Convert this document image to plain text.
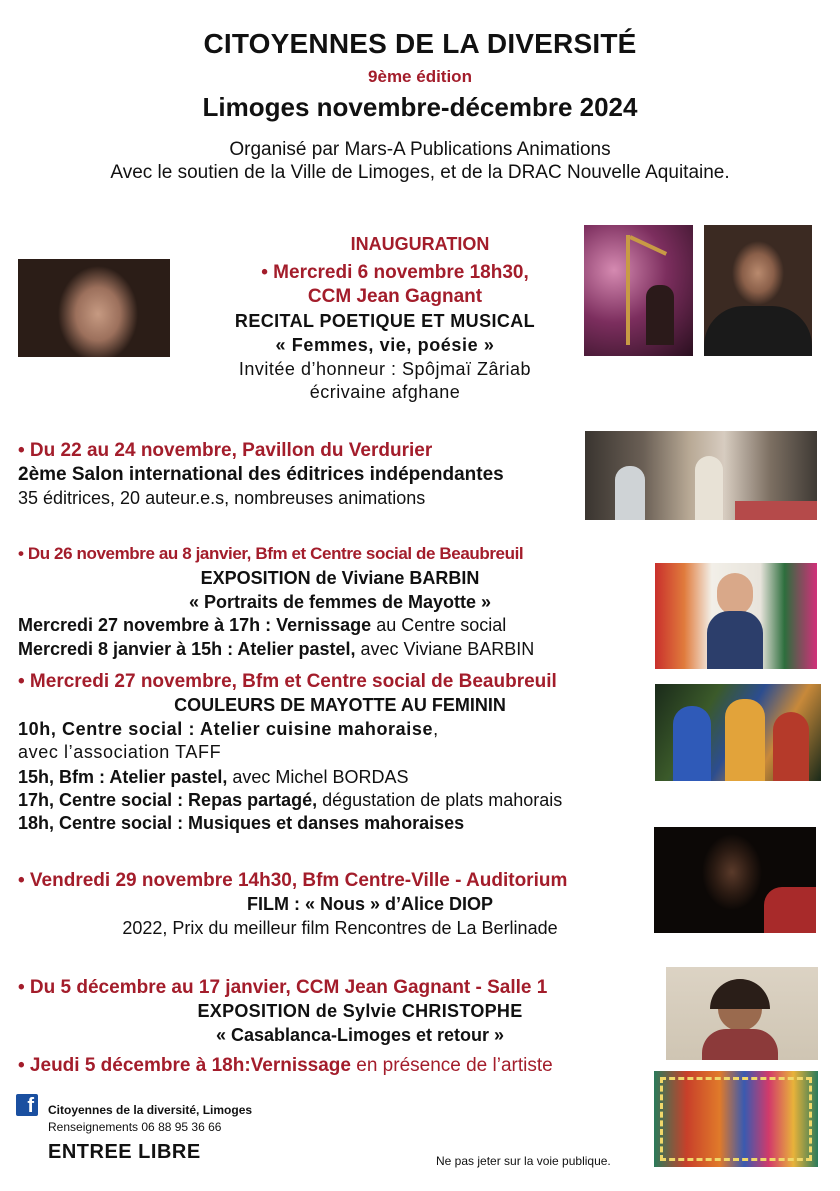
CITOYENNES DE LA DIVERSITÉ
9ème édition
Limoges novembre-décembre 2024
Organisé par Mars-A Publications Animations
Avec le soutien de la Ville de Limoges, et de la DRAC Nouvelle Aquitaine.
INAUGURATION
• Mercredi 6 novembre 18h30,
CCM Jean Gagnant
RECITAL POETIQUE ET MUSICAL
« Femmes, vie, poésie »
Invitée d’honneur : Spôjmaï Zâriab
écrivaine afghane
• Du 22 au 24 novembre, Pavillon du Verdurier
2ème Salon international des éditrices indépendantes
35 éditrices, 20 auteur.e.s, nombreuses animations
• Du 26 novembre au 8 janvier, Bfm et Centre social de Beaubreuil
EXPOSITION de Viviane BARBIN
« Portraits de femmes de Mayotte »
Mercredi 27 novembre à 17h : Vernissage au Centre social
Mercredi 8 janvier à 15h : Atelier pastel, avec Viviane BARBIN
• Mercredi 27 novembre, Bfm et Centre social de Beaubreuil
COULEURS DE MAYOTTE AU FEMININ
10h, Centre social : Atelier cuisine mahoraise,
avec l’association TAFF
15h, Bfm : Atelier pastel, avec Michel BORDAS
17h, Centre social : Repas partagé, dégustation de plats mahorais
18h, Centre social : Musiques et danses mahoraises
• Vendredi 29 novembre 14h30, Bfm Centre-Ville - Auditorium
FILM : « Nous » d’Alice DIOP
2022, Prix du meilleur film Rencontres de La Berlinade
• Du 5 décembre au 17 janvier, CCM Jean Gagnant - Salle 1
EXPOSITION de Sylvie CHRISTOPHE
« Casablanca-Limoges et retour »
• Jeudi 5 décembre à 18h:Vernissage en présence de l’artiste
f Citoyennes de la diversité, Limoges
Renseignements 06 88 95 36 66
ENTREE LIBRE	Ne pas jeter sur la voie publique.
